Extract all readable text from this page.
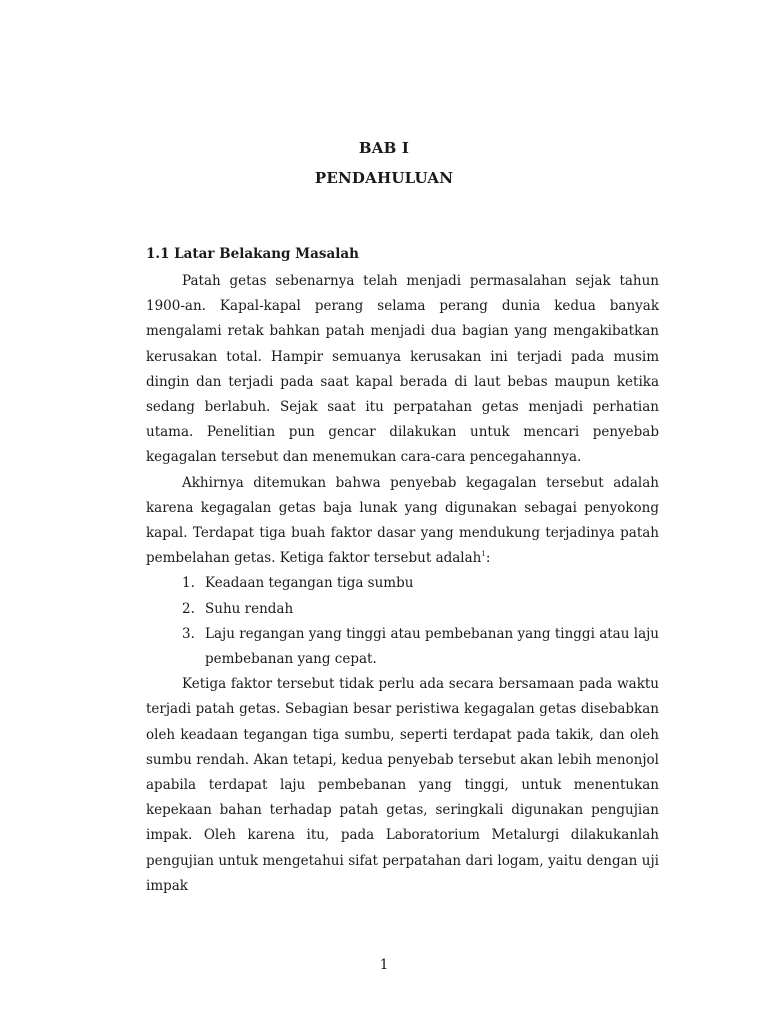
BAB I
PENDAHULUAN
1.1 Latar Belakang Masalah

Patah getas sebenarnya telah menjadi permasalahan sejak tahun 1900-an. Kapal-kapal perang selama perang dunia kedua banyak mengalami retak bahkan patah menjadi dua bagian yang mengakibatkan kerusakan total. Hampir semuanya kerusakan ini terjadi pada musim dingin dan terjadi pada saat kapal berada di laut bebas maupun ketika sedang berlabuh. Sejak saat itu perpatahan getas menjadi perhatian utama. Penelitian pun gencar dilakukan untuk mencari penyebab kegagalan tersebut dan menemukan cara-cara pencegahannya.

Akhirnya ditemukan bahwa penyebab kegagalan tersebut adalah karena kegagalan getas baja lunak yang digunakan sebagai penyokong kapal. Terdapat tiga buah faktor dasar yang mendukung terjadinya patah pembelahan getas. Ketiga faktor tersebut adalah$^1$:

1. Keadaan tegangan tiga sumbu
2. Suhu rendah
3. Laju regangan yang tinggi atau pembebanan yang tinggi atau laju pembebanan yang cepat.

Ketiga faktor tersebut tidak perlu ada secara bersamaan pada waktu terjadi patah getas. Sebagian besar peristiwa kegagalan getas disebabkan oleh keadaan tegangan tiga sumbu, seperti terdapat pada takik, dan oleh sumbu rendah. Akan tetapi, kedua penyebab tersebut akan lebih menonjol apabila terdapat laju pembebanan yang tinggi, untuk menentukan kepekaan bahan terhadap patah getas, seringkali digunakan pengujian impak. Oleh karena itu, pada Laboratorium Metalurgi dilakukanlah pengujian untuk mengetahui sifat perpatahan dari logam, yaitu dengan uji impak

1
